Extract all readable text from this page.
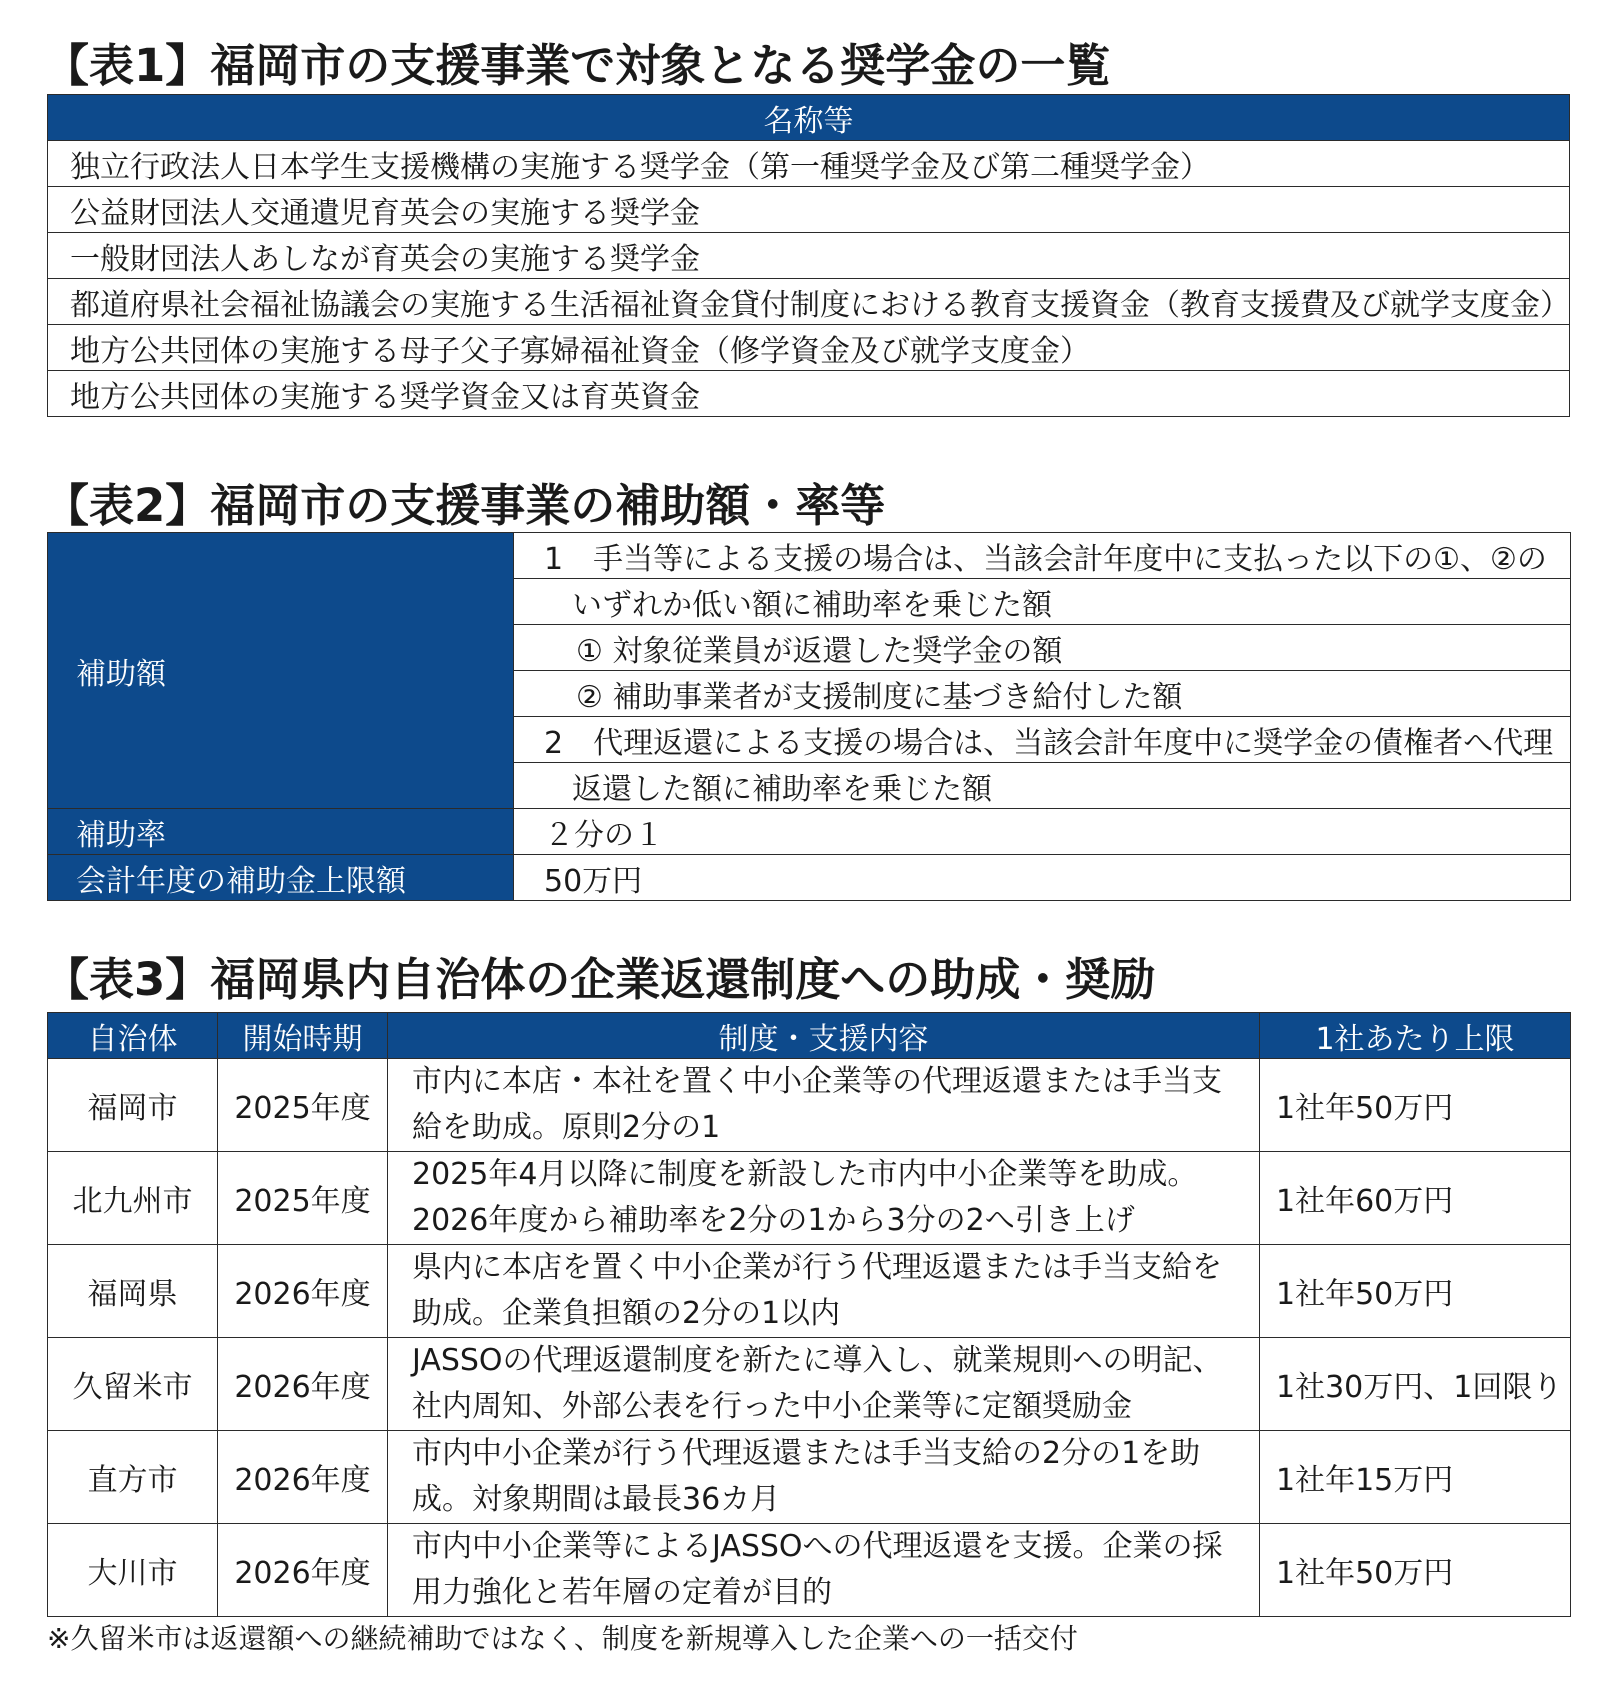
【表1】福岡市の支援事業で対象となる奨学金の一覧
名称等
独立行政法人日本学生支援機構の実施する奨学金（第一種奨学金及び第二種奨学金）
公益財団法人交通遺児育英会の実施する奨学金
一般財団法人あしなが育英会の実施する奨学金
都道府県社会福祉協議会の実施する生活福祉資金貸付制度における教育支援資金（教育支援費及び就学支度金）
地方公共団体の実施する母子父子寡婦福祉資金（修学資金及び就学支度金）
地方公共団体の実施する奨学資金又は育英資金
【表2】福岡市の支援事業の補助額・率等
補助額	1　手当等による支援の場合は、当該会計年度中に支払った以下の①、②の
	いずれか低い額に補助率を乗じた額
	① 対象従業員が返還した奨学金の額
	② 補助事業者が支援制度に基づき給付した額
	2　代理返還による支援の場合は、当該会計年度中に奨学金の債権者へ代理
	返還した額に補助率を乗じた額
補助率	２分の１
会計年度の補助金上限額	50万円
【表3】福岡県内自治体の企業返還制度への助成・奨励
自治体	開始時期	制度・支援内容	1社あたり上限
福岡市	2025年度	市内に本店・本社を置く中小企業等の代理返還または手当支
給を助成。原則2分の1	1社年50万円
北九州市	2025年度	2025年4月以降に制度を新設した市内中小企業等を助成。
2026年度から補助率を2分の1から3分の2へ引き上げ	1社年60万円
福岡県	2026年度	県内に本店を置く中小企業が行う代理返還または手当支給を
助成。企業負担額の2分の1以内	1社年50万円
久留米市	2026年度	JASSOの代理返還制度を新たに導入し、就業規則への明記、
社内周知、外部公表を行った中小企業等に定額奨励金	1社30万円、1回限り
直方市	2026年度	市内中小企業が行う代理返還または手当支給の2分の1を助
成。対象期間は最長36カ月	1社年15万円
大川市	2026年度	市内中小企業等によるJASSOへの代理返還を支援。企業の採
用力強化と若年層の定着が目的	1社年50万円
※久留米市は返還額への継続補助ではなく、制度を新規導入した企業への一括交付
